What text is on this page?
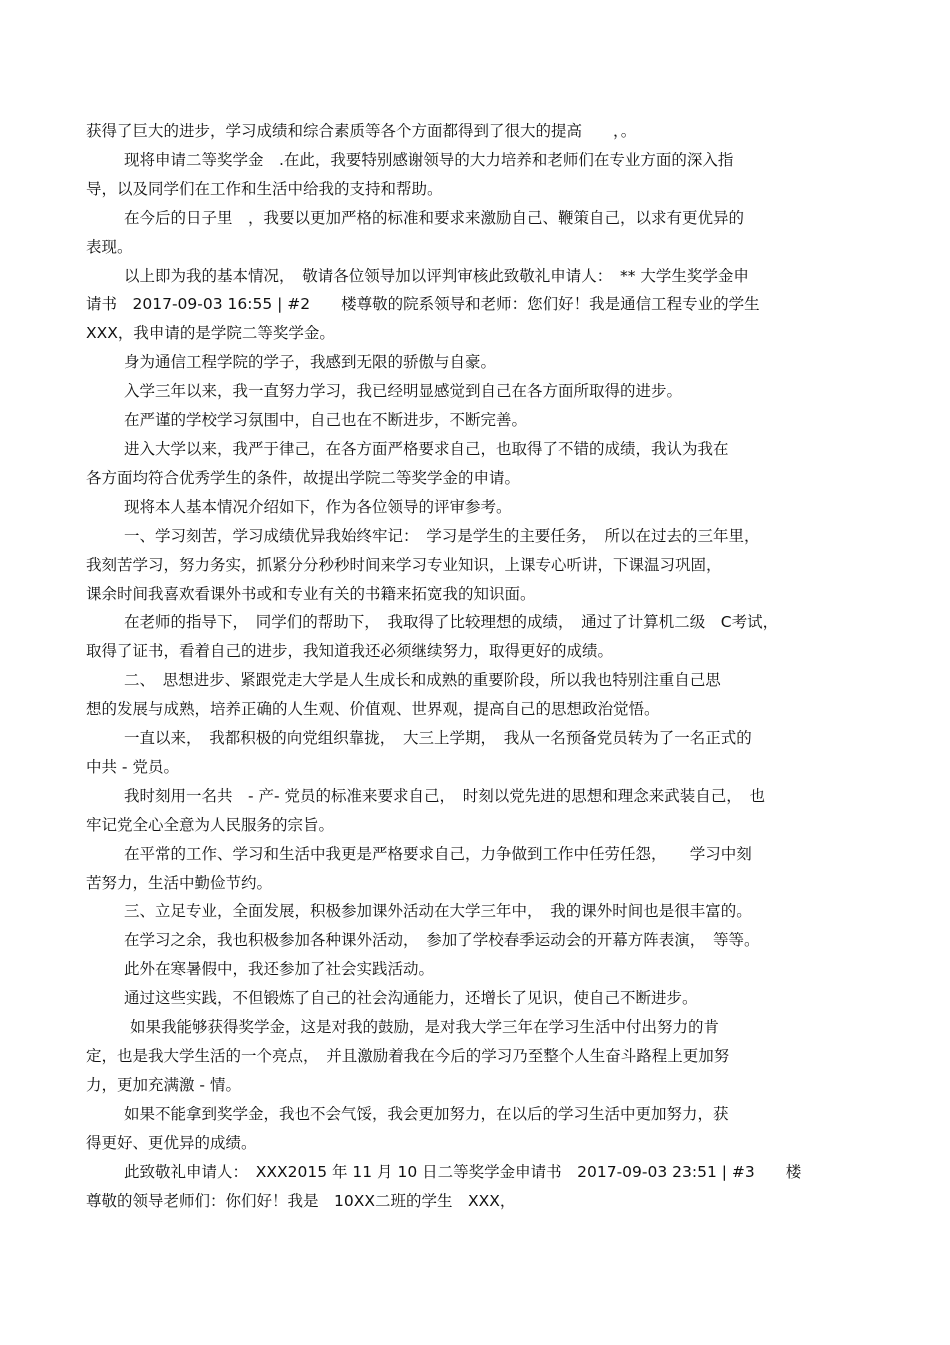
获得了巨大的进步，学习成绩和综合素质等各个方面都得到了很大的提高　　，。
现将申请二等奖学金　.在此，我要特别感谢领导的大力培养和老师们在专业方面的深入指
导，以及同学们在工作和生活中给我的支持和帮助。
在今后的日子里　，我要以更加严格的标准和要求来激励自己、鞭策自己，以求有更优异的
表现。
以上即为我的基本情况，　敬请各位领导加以评判审核此致敬礼申请人：　** 大学生奖学金申
请书　2017-09-03 16:55 | #2　　楼尊敬的院系领导和老师：您们好！我是通信工程专业的学生
XXX，我申请的是学院二等奖学金。
身为通信工程学院的学子，我感到无限的骄傲与自豪。
入学三年以来，我一直努力学习，我已经明显感觉到自己在各方面所取得的进步。
在严谨的学校学习氛围中，自己也在不断进步，不断完善。
进入大学以来，我严于律己，在各方面严格要求自己，也取得了不错的成绩，我认为我在
各方面均符合优秀学生的条件，故提出学院二等奖学金的申请。
现将本人基本情况介绍如下，作为各位领导的评审参考。
一、学习刻苦，学习成绩优异我始终牢记：　学习是学生的主要任务，　所以在过去的三年里，
我刻苦学习，努力务实，抓紧分分秒秒时间来学习专业知识，上课专心听讲，下课温习巩固，
课余时间我喜欢看课外书或和专业有关的书籍来拓宽我的知识面。
在老师的指导下，　同学们的帮助下，　我取得了比较理想的成绩，　通过了计算机二级　C考试，
取得了证书，看着自己的进步，我知道我还必须继续努力，取得更好的成绩。
二、　思想进步、紧跟党走大学是人生成长和成熟的重要阶段，所以我也特别注重自己思
想的发展与成熟，培养正确的人生观、价值观、世界观，提高自己的思想政治觉悟。
一直以来，　我都积极的向党组织靠拢，　大三上学期，　我从一名预备党员转为了一名正式的
中共 - 党员。
我时刻用一名共　- 产- 党员的标准来要求自己，　时刻以党先进的思想和理念来武装自己，　也
牢记党全心全意为人民服务的宗旨。
在平常的工作、学习和生活中我更是严格要求自己，力争做到工作中任劳任怨，　　学习中刻
苦努力，生活中勤俭节约。
三、立足专业，全面发展，积极参加课外活动在大学三年中，　我的课外时间也是很丰富的。
在学习之余，我也积极参加各种课外活动，　参加了学校春季运动会的开幕方阵表演，　等等。
此外在寒暑假中，我还参加了社会实践活动。
通过这些实践，不但锻炼了自己的社会沟通能力，还增长了见识，使自己不断进步。
如果我能够获得奖学金，这是对我的鼓励，是对我大学三年在学习生活中付出努力的肯
定，也是我大学生活的一个亮点，　并且激励着我在今后的学习乃至整个人生奋斗路程上更加努
力，更加充满激 - 情。
如果不能拿到奖学金，我也不会气馁，我会更加努力，在以后的学习生活中更加努力，获
得更好、更优异的成绩。
此致敬礼申请人：　XXX2015 年 11 月 10 日二等奖学金申请书　2017-09-03 23:51 | #3　　楼
尊敬的领导老师们：你们好！我是　10XX二班的学生　XXX，
